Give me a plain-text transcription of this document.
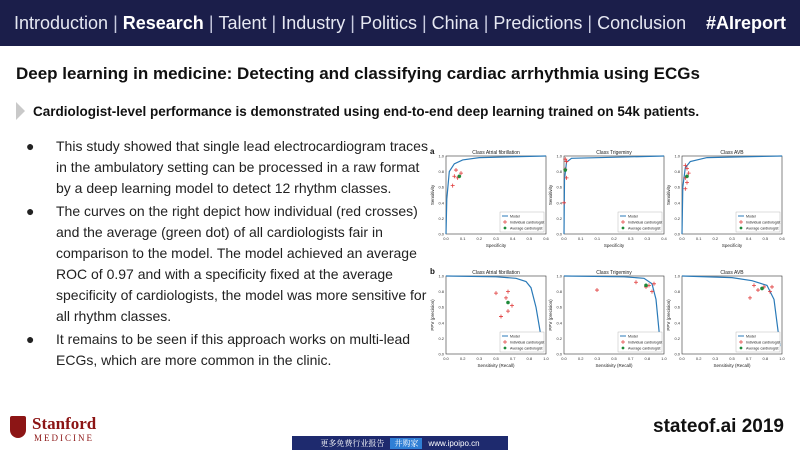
Introduction | Research | Talent | Industry | Politics | China | Predictions | Conclusion #AIreport
Deep learning in medicine: Detecting and classifying cardiac arrhythmia using ECGs
Cardiologist-level performance is demonstrated using end-to-end deep learning trained on 54k patients.
● This study showed that single lead electrocardiogram traces in the ambulatory setting can be processed in a raw format by a deep learning model to detect 12 rhythm classes.
● The curves on the right depict how individual (red crosses) and the average (green dot) of all cardiologists fair in comparison to the model. The model achieved an average ROC of 0.97 and with a specificity fixed at the average specificity of cardiologists, the model was more sensitive for all rhythm classes.
● It remains to be seen if this approach works on multi-lead ECGs, which are more common in the clinic.
a	Class Atrial fibrillation
0.0	0.1	0.2	0.3	0.4	0.5	0.6
0.0
0.2
0.4
0.6
0.8
1.0
Specificity
Sensitivity
Model
Individual cardiologist
Average cardiologist
Class Trigeminy
0.0	0.1	0.1	0.2	0.3	0.3	0.4
0.0
0.2
0.4
0.6
0.8
1.0
Specificity
Sensitivity
Model
Individual cardiologist
Average cardiologist
Class AVB
0.0	0.1	0.2	0.3	0.4	0.5	0.6
0.0
0.2
0.4
0.6
0.8
1.0
Specificity
Sensitivity
Model
Individual cardiologist
Average cardiologist
b	Class Atrial fibrillation
0.0	0.2	0.3	0.5	0.7	0.8	1.0
0.0
0.2
0.4
0.6
0.8
1.0
Sensitivity (Recall)
PPV (precision)
Model
Individual cardiologist
Average cardiologist
Class Trigeminy
0.0	0.2	0.3	0.5	0.7	0.8	1.0
0.0
0.2
0.4
0.6
0.8
1.0
Sensitivity (Recall)
PPV (precision)
Model
Individual cardiologist
Average cardiologist
Class AVB
0.0	0.2	0.3	0.5	0.7	0.8	1.0
0.0
0.2
0.4
0.6
0.8
1.0
Sensitivity (Recall)
PPV (precision)
Model
Individual cardiologist
Average cardiologist
Stanford
MEDICINE	更多免费行业报告	井购家	www.ipoipo.cn
stateof.ai 2019
